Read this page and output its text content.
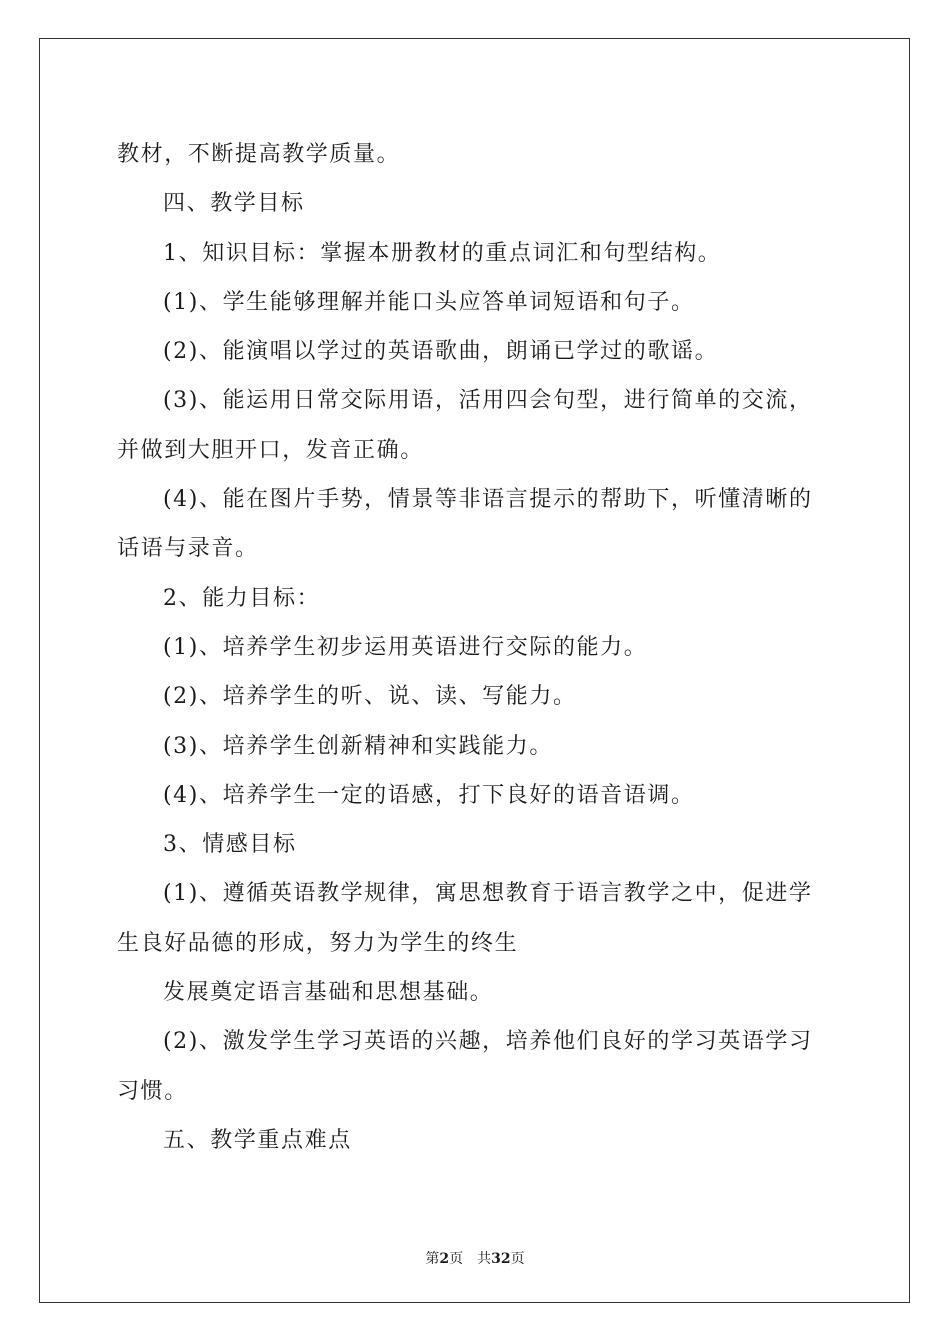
教材，不断提高教学质量。
四、教学目标
1、知识目标：掌握本册教材的重点词汇和句型结构。
(1)、学生能够理解并能口头应答单词短语和句子。
(2)、能演唱以学过的英语歌曲，朗诵已学过的歌谣。
(3)、能运用日常交际用语，活用四会句型，进行简单的交流，
并做到大胆开口，发音正确。
(4)、能在图片手势，情景等非语言提示的帮助下，听懂清晰的
话语与录音。
2、能力目标：
(1)、培养学生初步运用英语进行交际的能力。
(2)、培养学生的听、说、读、写能力。
(3)、培养学生创新精神和实践能力。
(4)、培养学生一定的语感，打下良好的语音语调。
3、情感目标
(1)、遵循英语教学规律，寓思想教育于语言教学之中，促进学
生良好品德的形成，努力为学生的终生
发展奠定语言基础和思想基础。
(2)、激发学生学习英语的兴趣，培养他们良好的学习英语学习
习惯。
五、教学重点难点
第2页　共32页
